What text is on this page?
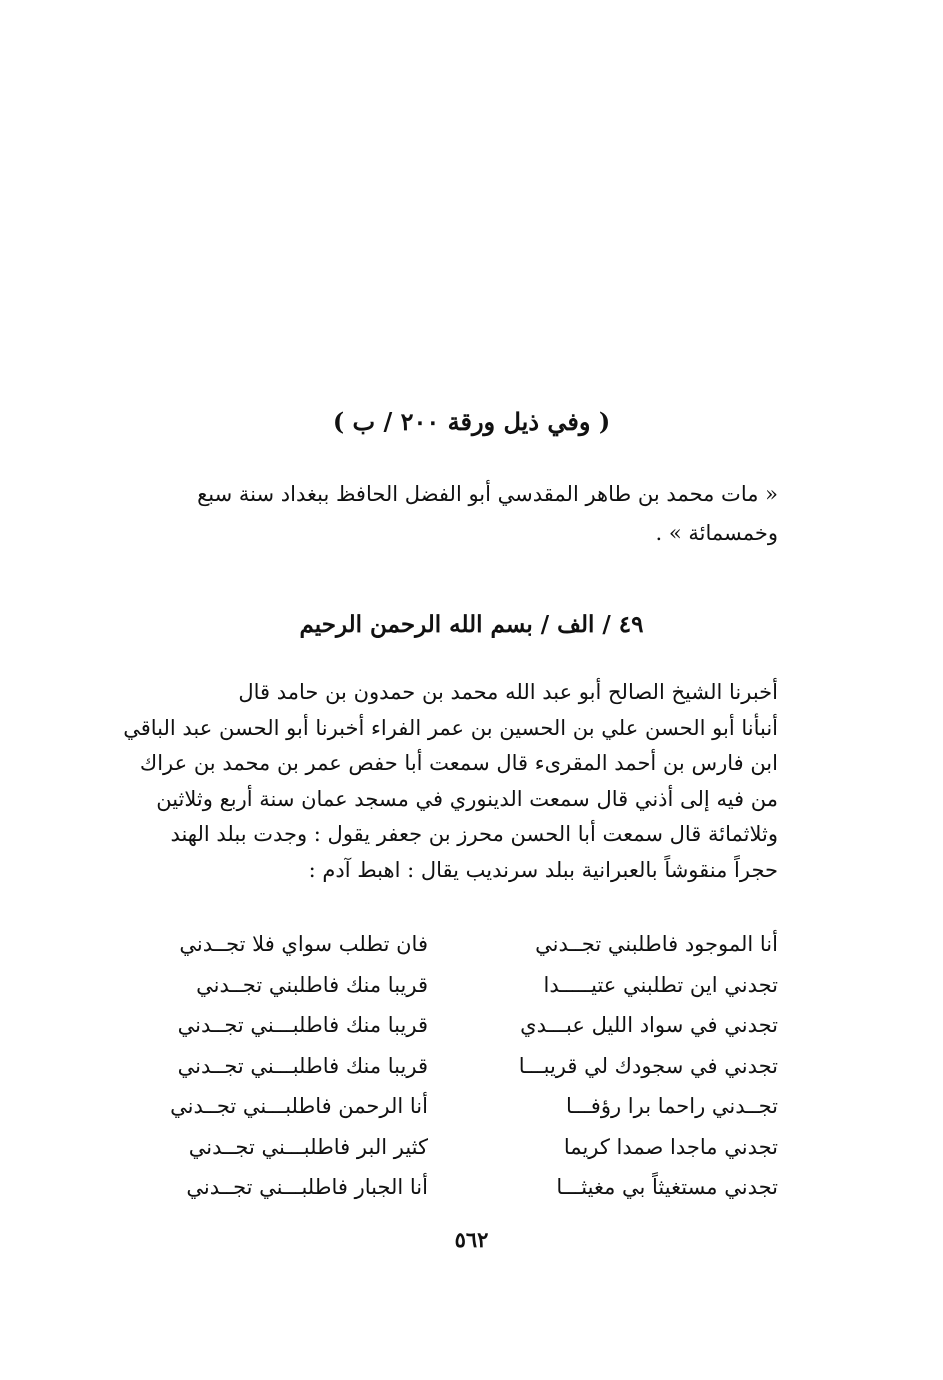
( وفي ذيل ورقة ٢٠٠ / ب )
« مات محمد بن طاهر المقدسي أبو الفضل الحافظ ببغداد سنة سبع
وخمسمائة » .
٤٩ / الف / بسم الله الرحمن الرحيم
أخبرنا الشيخ الصالح أبو عبد الله محمد بن حمدون بن حامد قال
أنبأنا أبو الحسن علي بن الحسين بن عمر الفراء أخبرنا أبو الحسن عبد الباقي
ابن فارس بن أحمد المقرىء قال سمعت أبا حفص عمر بن محمد بن عراك
من فيه إلى أذني قال سمعت الدينوري في مسجد عمان سنة أربع وثلاثين
وثلاثمائة قال سمعت أبا الحسن محرز بن جعفر يقول : وجدت ببلد الهند
حجراً منقوشاً بالعبرانية ببلد سرنديب يقال : اهبط آدم :
أنا الموجود فاطلبني تجــدني
فان تطلب سواي فلا تجــدني
تجدني اين تطلبني عتيـــــدا
قريبا منك فاطلبني تجــدني
تجدني في سواد الليل عبـــدي
قريبا منك فاطلبـــني تجــدني
تجدني في سجودك لي قريبـــا
قريبا منك فاطلبـــني تجــدني
تجــدني راحما برا رؤفـــا
أنا الرحمن فاطلبـــني تجــدني
تجدني ماجدا صمدا كريما
كثير البر فاطلبـــني تجــدني
تجدني مستغيثاً بي مغيثـــا
أنا الجبار فاطلبـــني تجــدني
٥٦٢
